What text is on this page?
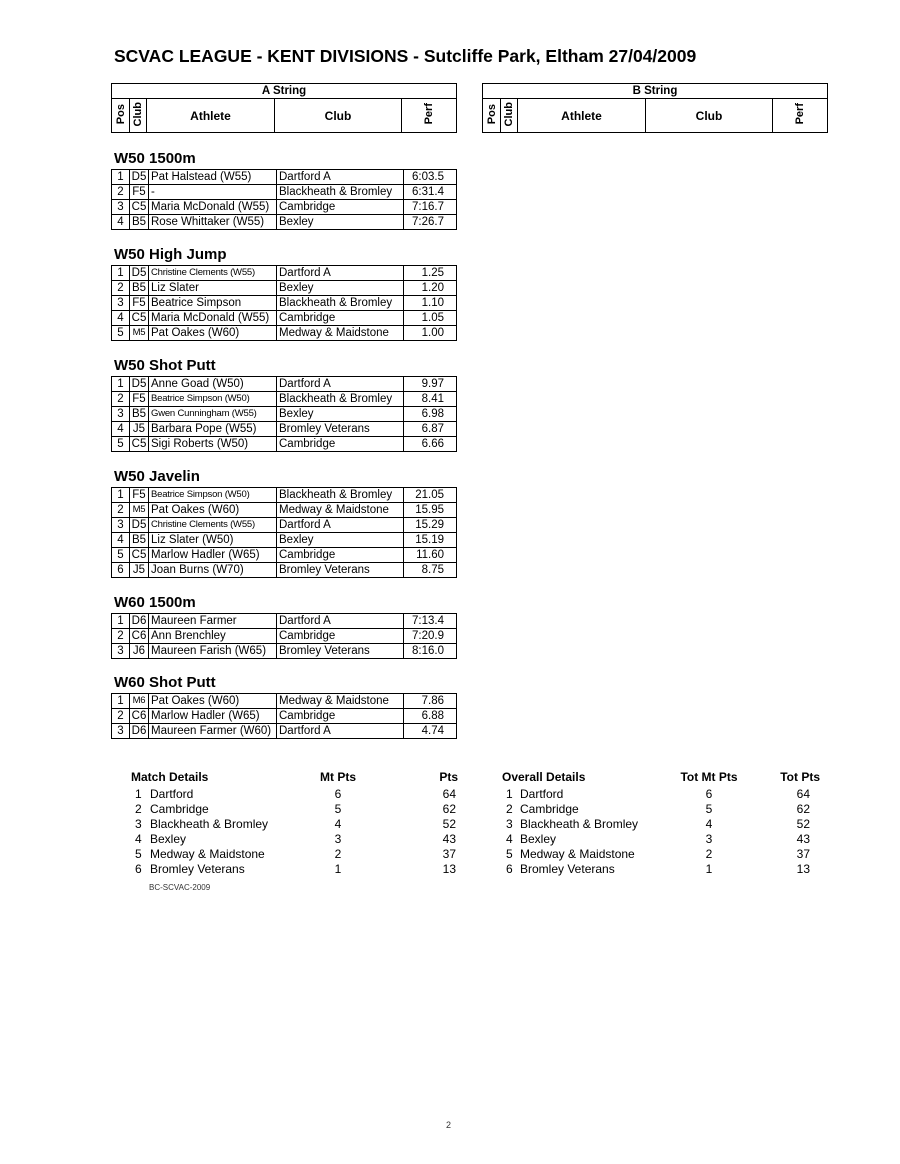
SCVAC LEAGUE - KENT DIVISIONS - Sutcliffe Park, Eltham 27/04/2009
A String
Pos	Club	Athlete	Club	Perf
B String
Pos	Club	Athlete	Club	Perf
W50 1500m
1	D5	Pat Halstead (W55)	Dartford A	6:03.5
2	F5	-	Blackheath & Bromley	6:31.4
3	C5	Maria McDonald (W55)	Cambridge	7:16.7
4	B5	Rose Whittaker (W55)	Bexley	7:26.7
W50 High Jump
1	D5	Christine Clements (W55)	Dartford A	1.25
2	B5	Liz Slater	Bexley	1.20
3	F5	Beatrice Simpson	Blackheath & Bromley	1.10
4	C5	Maria McDonald (W55)	Cambridge	1.05
5	M5	Pat Oakes (W60)	Medway & Maidstone	1.00
W50 Shot Putt
1	D5	Anne Goad (W50)	Dartford A	9.97
2	F5	Beatrice Simpson (W50)	Blackheath & Bromley	8.41
3	B5	Gwen Cunningham (W55)	Bexley	6.98
4	J5	Barbara Pope (W55)	Bromley Veterans	6.87
5	C5	Sigi Roberts (W50)	Cambridge	6.66
W50 Javelin
1	F5	Beatrice Simpson (W50)	Blackheath & Bromley	21.05
2	M5	Pat Oakes (W60)	Medway & Maidstone	15.95
3	D5	Christine Clements (W55)	Dartford A	15.29
4	B5	Liz Slater (W50)	Bexley	15.19
5	C5	Marlow Hadler (W65)	Cambridge	11.60
6	J5	Joan Burns (W70)	Bromley Veterans	8.75
W60 1500m
1	D6	Maureen Farmer	Dartford A	7:13.4
2	C6	Ann Brenchley	Cambridge	7:20.9
3	J6	Maureen Farish (W65)	Bromley Veterans	8:16.0
W60 Shot Putt
1	M6	Pat Oakes (W60)	Medway & Maidstone	7.86
2	C6	Marlow Hadler (W65)	Cambridge	6.88
3	D6	Maureen Farmer (W60)	Dartford A	4.74
Match Details		Mt Pts	Pts
1	Dartford	6	64
2	Cambridge	5	62
3	Blackheath & Bromley	4	52
4	Bexley	3	43
5	Medway & Maidstone	2	37
6	Bromley Veterans	1	13
Overall Details		Tot Mt Pts	Tot Pts
1	Dartford	6	64
2	Cambridge	5	62
3	Blackheath & Bromley	4	52
4	Bexley	3	43
5	Medway & Maidstone	2	37
6	Bromley Veterans	1	13
BC-SCVAC-2009
2
